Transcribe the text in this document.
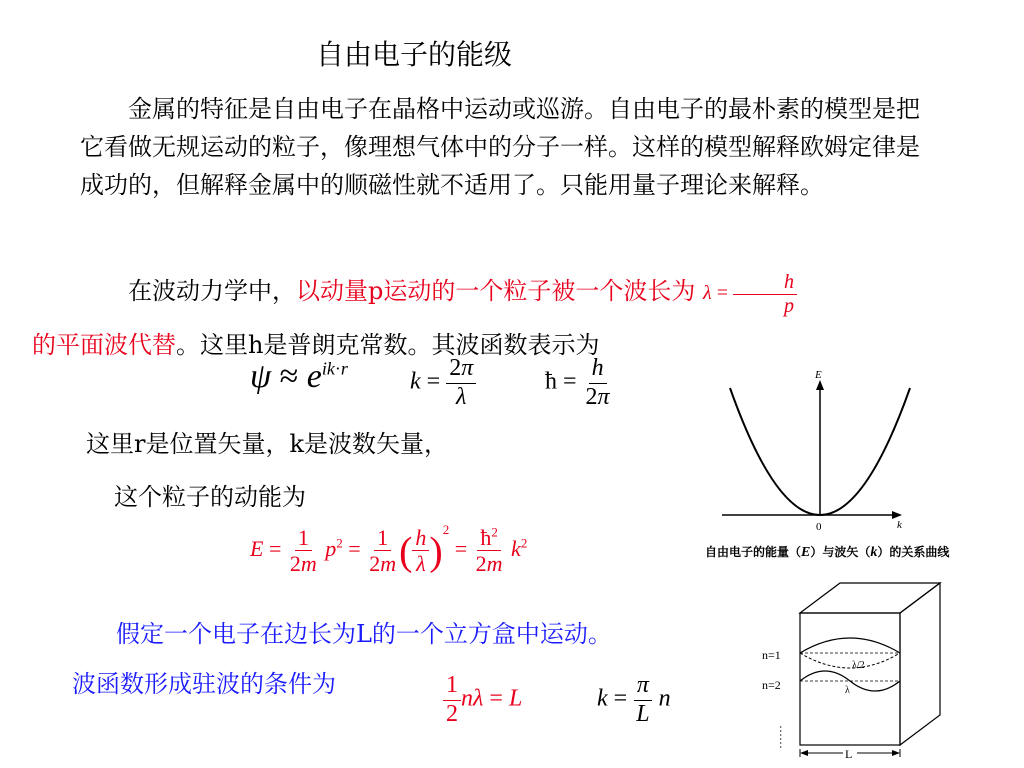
自由电子的能级
金属的特征是自由电子在晶格中运动或巡游。自由电子的最朴素的模型是把它看做无规运动的粒子，像理想气体中的分子一样。这样的模型解释欧姆定律是成功的，但解释金属中的顺磁性就不适用了。只能用量子理论来解释。
在波动力学中，以动量p运动的一个粒子被一个波长为 $\lambda = \frac{h}{p}$

的平面波代替。这里h是普朗克常数。其波函数表示为
$\psi \approx e^{ik\cdot r}$	$k = \frac{2\pi}{\lambda}$	ħ = $\frac{h}{2\pi}$
这里r是位置矢量，k是波数矢量，
这个粒子的动能为
$E = \frac{1}{2m} p^2 = \frac{1}{2m}$ ( $\frac{h}{\lambda} )^2 = \frac{ħ^2}{2m} k^2$
假定一个电子在边长为L的一个立方盒中运动。
波函数形成驻波的条件为	$\frac{1}{2}$ nλ = L	$k = \frac{\pi}{L}$ n
E
k
0
自由电子的能量（E）与波矢（k）的关系曲线
n=1
n=2
λ/2
λ
……
L
